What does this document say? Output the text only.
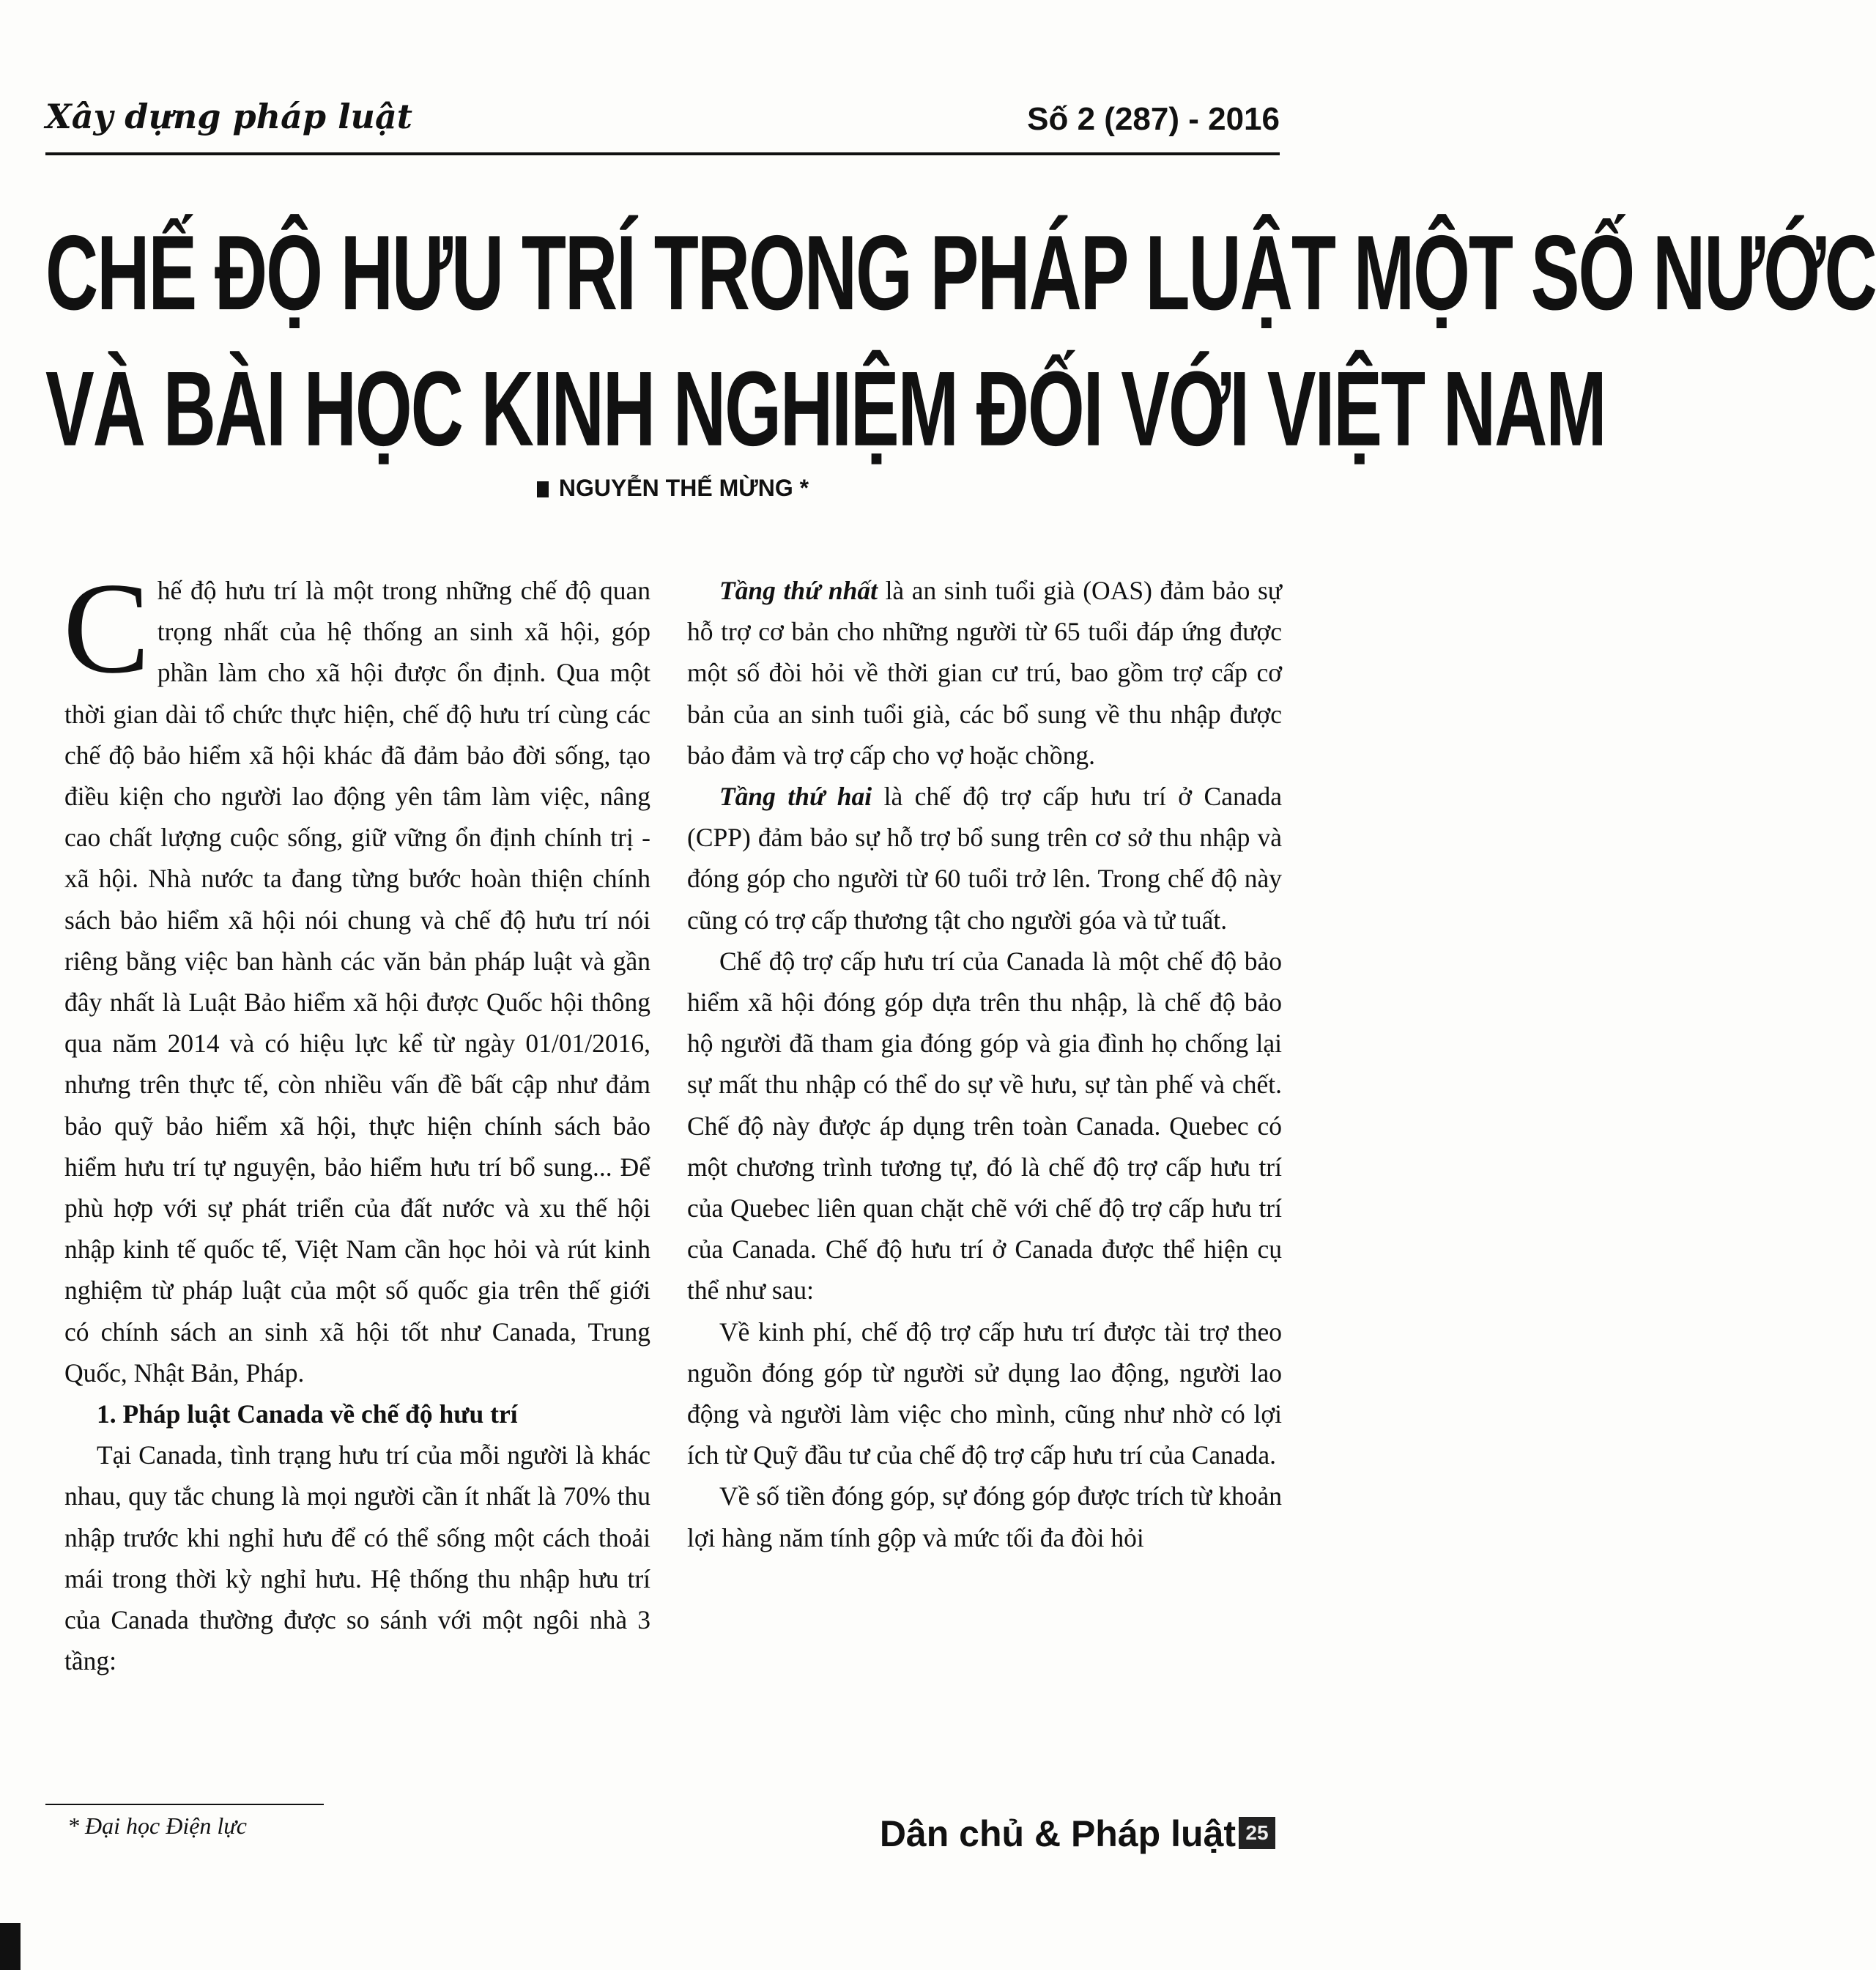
Xây dựng pháp luật	Số 2 (287) - 2016
CHẾ ĐỘ HƯU TRÍ TRONG PHÁP LUẬT MỘT SỐ NƯỚC
VÀ BÀI HỌC KINH NGHIỆM ĐỐI VỚI VIỆT NAM
NGUYỄN THẾ MỪNG *

Chế độ hưu trí là một trong những chế độ quan trọng nhất của hệ thống an sinh xã hội, góp phần làm cho xã hội được ổn định. Qua một thời gian dài tổ chức thực hiện, chế độ hưu trí cùng các chế độ bảo hiểm xã hội khác đã đảm bảo đời sống, tạo điều kiện cho người lao động yên tâm làm việc, nâng cao chất lượng cuộc sống, giữ vững ổn định chính trị - xã hội. Nhà nước ta đang từng bước hoàn thiện chính sách bảo hiểm xã hội nói chung và chế độ hưu trí nói riêng bằng việc ban hành các văn bản pháp luật và gần đây nhất là Luật Bảo hiểm xã hội được Quốc hội thông qua năm 2014 và có hiệu lực kể từ ngày 01/01/2016, nhưng trên thực tế, còn nhiều vấn đề bất cập như đảm bảo quỹ bảo hiểm xã hội, thực hiện chính sách bảo hiểm hưu trí tự nguyện, bảo hiểm hưu trí bổ sung... Để phù hợp với sự phát triển của đất nước và xu thế hội nhập kinh tế quốc tế, Việt Nam cần học hỏi và rút kinh nghiệm từ pháp luật của một số quốc gia trên thế giới có chính sách an sinh xã hội tốt như Canada, Trung Quốc, Nhật Bản, Pháp.

1. Pháp luật Canada về chế độ hưu trí

Tại Canada, tình trạng hưu trí của mỗi người là khác nhau, quy tắc chung là mọi người cần ít nhất là 70% thu nhập trước khi nghỉ hưu để có thể sống một cách thoải mái trong thời kỳ nghỉ hưu. Hệ thống thu nhập hưu trí của Canada thường được so sánh với một ngôi nhà 3 tầng:

Tầng thứ nhất là an sinh tuổi già (OAS) đảm bảo sự hỗ trợ cơ bản cho những người từ 65 tuổi đáp ứng được một số đòi hỏi về thời gian cư trú, bao gồm trợ cấp cơ bản của an sinh tuổi già, các bổ sung về thu nhập được bảo đảm và trợ cấp cho vợ hoặc chồng.

Tầng thứ hai là chế độ trợ cấp hưu trí ở Canada (CPP) đảm bảo sự hỗ trợ bổ sung trên cơ sở thu nhập và đóng góp cho người từ 60 tuổi trở lên. Trong chế độ này cũng có trợ cấp thương tật cho người góa và tử tuất.

Chế độ trợ cấp hưu trí của Canada là một chế độ bảo hiểm xã hội đóng góp dựa trên thu nhập, là chế độ bảo hộ người đã tham gia đóng góp và gia đình họ chống lại sự mất thu nhập có thể do sự về hưu, sự tàn phế và chết. Chế độ này được áp dụng trên toàn Canada. Quebec có một chương trình tương tự, đó là chế độ trợ cấp hưu trí của Quebec liên quan chặt chẽ với chế độ trợ cấp hưu trí của Canada. Chế độ hưu trí ở Canada được thể hiện cụ thể như sau:

Về kinh phí, chế độ trợ cấp hưu trí được tài trợ theo nguồn đóng góp từ người sử dụng lao động, người lao động và người làm việc cho mình, cũng như nhờ có lợi ích từ Quỹ đầu tư của chế độ trợ cấp hưu trí của Canada.

Về số tiền đóng góp, sự đóng góp được trích từ khoản lợi hàng năm tính gộp và mức tối đa đòi hỏi

* Đại học Điện lực	Dân chủ & Pháp luật 25
